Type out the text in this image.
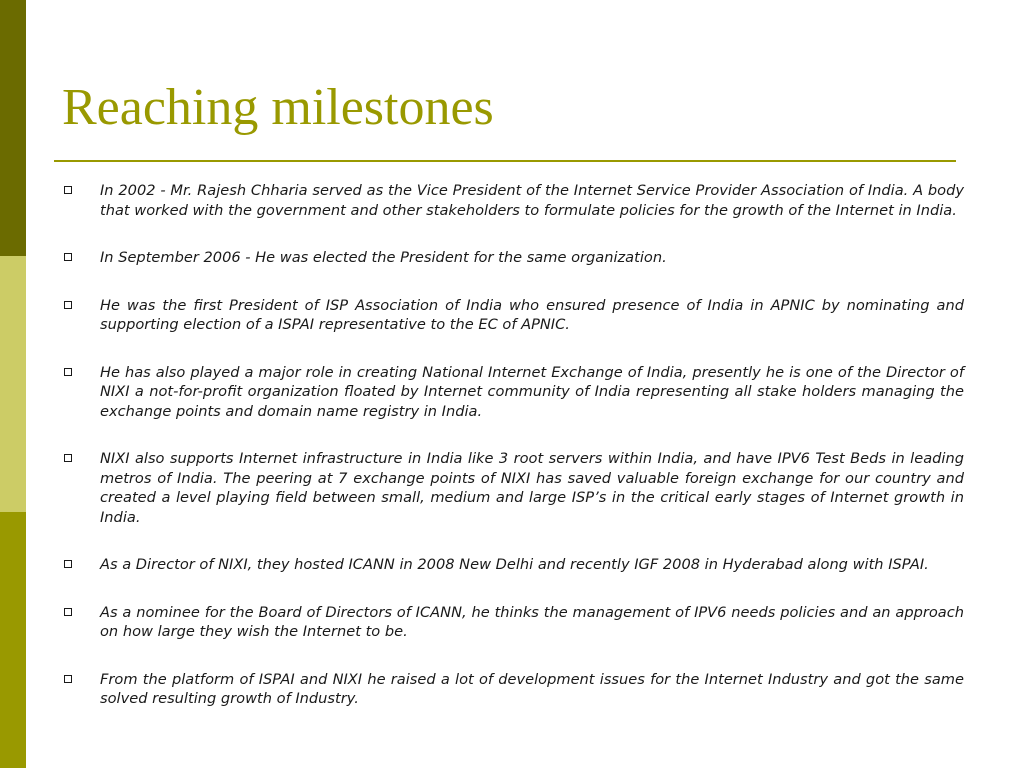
Reaching milestones
In 2002 - Mr. Rajesh Chharia served as the Vice President of the Internet Service Provider Association of India. A body that worked with the government and other stakeholders to formulate policies for the growth of the Internet in India.
In September 2006 - He was elected the President for the same organization.
He was the first President of ISP Association of India who ensured presence of India in APNIC by nominating and supporting election of a ISPAI representative to the EC of APNIC.
He has also played a major role in creating National Internet Exchange of India, presently he is one of the Director of NIXI a not-for-profit organization floated by Internet community of India representing all stake holders managing the exchange points and domain name registry in India.
NIXI also supports Internet infrastructure in India like 3 root servers within India, and have IPV6 Test Beds in leading metros of India. The peering at 7 exchange points of NIXI has saved valuable foreign exchange for our country and created a level playing field between small, medium and large ISP’s in the critical early stages of Internet growth in India.
As a Director of NIXI, they hosted ICANN in 2008 New Delhi and recently IGF 2008 in Hyderabad along with ISPAI.
As a nominee for the Board of Directors of ICANN, he thinks the management of IPV6 needs policies and an approach on how large they wish the Internet to be.
From the platform of ISPAI and NIXI he raised a lot of development issues for the Internet Industry and got the same solved resulting growth of Industry.
